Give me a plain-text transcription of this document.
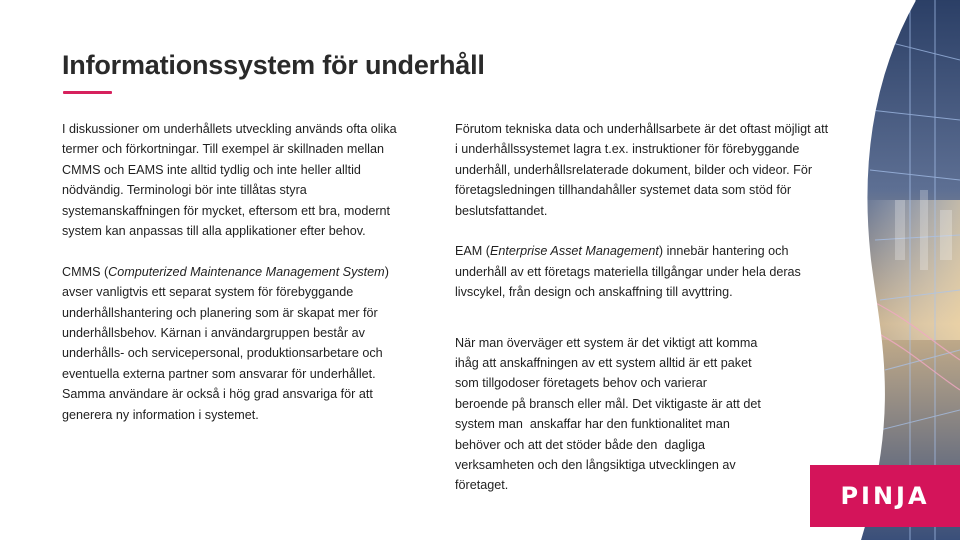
Informationssystem för underhåll

I diskussioner om underhållets utveckling används ofta olika
termer och förkortningar. Till exempel är skillnaden mellan
CMMS och EAMS inte alltid tydlig och inte heller alltid
nödvändig. Terminologi bör inte tillåtas styra
systemanskaffningen för mycket, eftersom ett bra, modernt
system kan anpassas till alla applikationer efter behov.

CMMS (Computerized Maintenance Management System)
avser vanligtvis ett separat system för förebyggande
underhållshantering och planering som är skapat mer för
underhållsbehov. Kärnan i användargruppen består av
underhålls- och servicepersonal, produktionsarbetare och
eventuella externa partner som ansvarar för underhållet.
Samma användare är också i hög grad ansvariga för att
generera ny information i systemet.

Förutom tekniska data och underhållsarbete är det oftast möjligt att
i underhållssystemet lagra t.ex. instruktioner för förebyggande
underhåll, underhållsrelaterade dokument, bilder och videor. För
företagsledningen tillhandahåller systemet data som stöd för
beslutsfattandet.

EAM (Enterprise Asset Management) innebär hantering och
underhåll av ett företags materiella tillgångar under hela deras
livscykel, från design och anskaffning till avyttring.

När man överväger ett system är det viktigt att komma
ihåg att anskaffningen av ett system alltid är ett paket
som tillgodoser företagets behov och varierar
beroende på bransch eller mål. Det viktigaste är att det
system man  anskaffar har den funktionalitet man
behöver och att det stöder både den  dagliga
verksamheten och den långsiktiga utvecklingen av
företaget.	PINJA
